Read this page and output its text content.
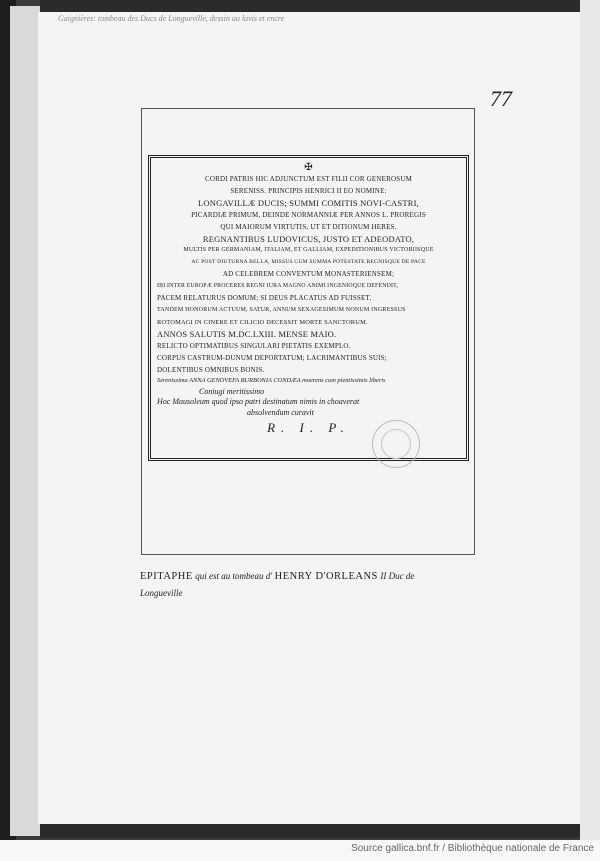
Gaignières: tombeau des Ducs de Longueville, dessin au lavis et encre
77
✠
CORDI PATRIS HIC ADJUNCTUM EST FILII COR GENEROSUM
SERENISS. PRINCIPIS HENRICI II EO NOMINE:
LONGAVILLÆ DUCIS; SUMMI COMITIS NOVI-CASTRI,
PICARDIÆ PRIMUM, DEINDE NORMANNIÆ PER ANNOS L. PROREGIS
QUI MAIORUM VIRTUTIS, UT ET DITIONUM HERES.
REGNANTIBUS LUDOVICUS, JUSTO ET ADEODATO,
MULTIS PER GERMANIAM, ITALIAM, ET GALLIAM, EXPEDITIONIBUS VICTORIISQUE
AC POST DIUTURNA BELLA, MISSUS CUM SUMMA POTESTATE REGNISQUE DE PACE
AD CELEBREM CONVENTUM MONASTERIENSEM;
IBI INTER EUROPÆ PROCERES REGNI IURA MAGNO ANIMI INGENIOQUE DEFENDIT,
PACEM RELATURUS DOMUM; SI DEUS PLACATUS AD FUISSET.
TANDEM HONORUM ACTUUM, SATUR, ANNUM SEXAGESIMUM NONUM INGRESSUS
ROTOMAGI IN CINERE ET CILICIO DECESSIT MORTE SANCTORUM.
ANNOS SALUTIS M.DC.LXIII. MENSE MAIO.
RELICTO OPTIMATIBUS SINGULARI PIETATIS EXEMPLO.
CORPUS CASTRUM-DUNUM DEPORTATUM; LACRIMANTIBUS SUIS;
DOLENTIBUS OMNIBUS BONIS.
Serenissima ANNA GENOVEFA BURBONIA CONDÆA moerens cum pientissimis liberis
Coniugi meritissimo
Hoc Mausoleum quod ipso patri destinatum nimis in choaverat
absolvendum curavit
R. I. P.
EPITAPHE qui est au tombeau d' HENRY D'ORLEANS II Duc de
Longueville
Source gallica.bnf.fr / Bibliothèque nationale de France
